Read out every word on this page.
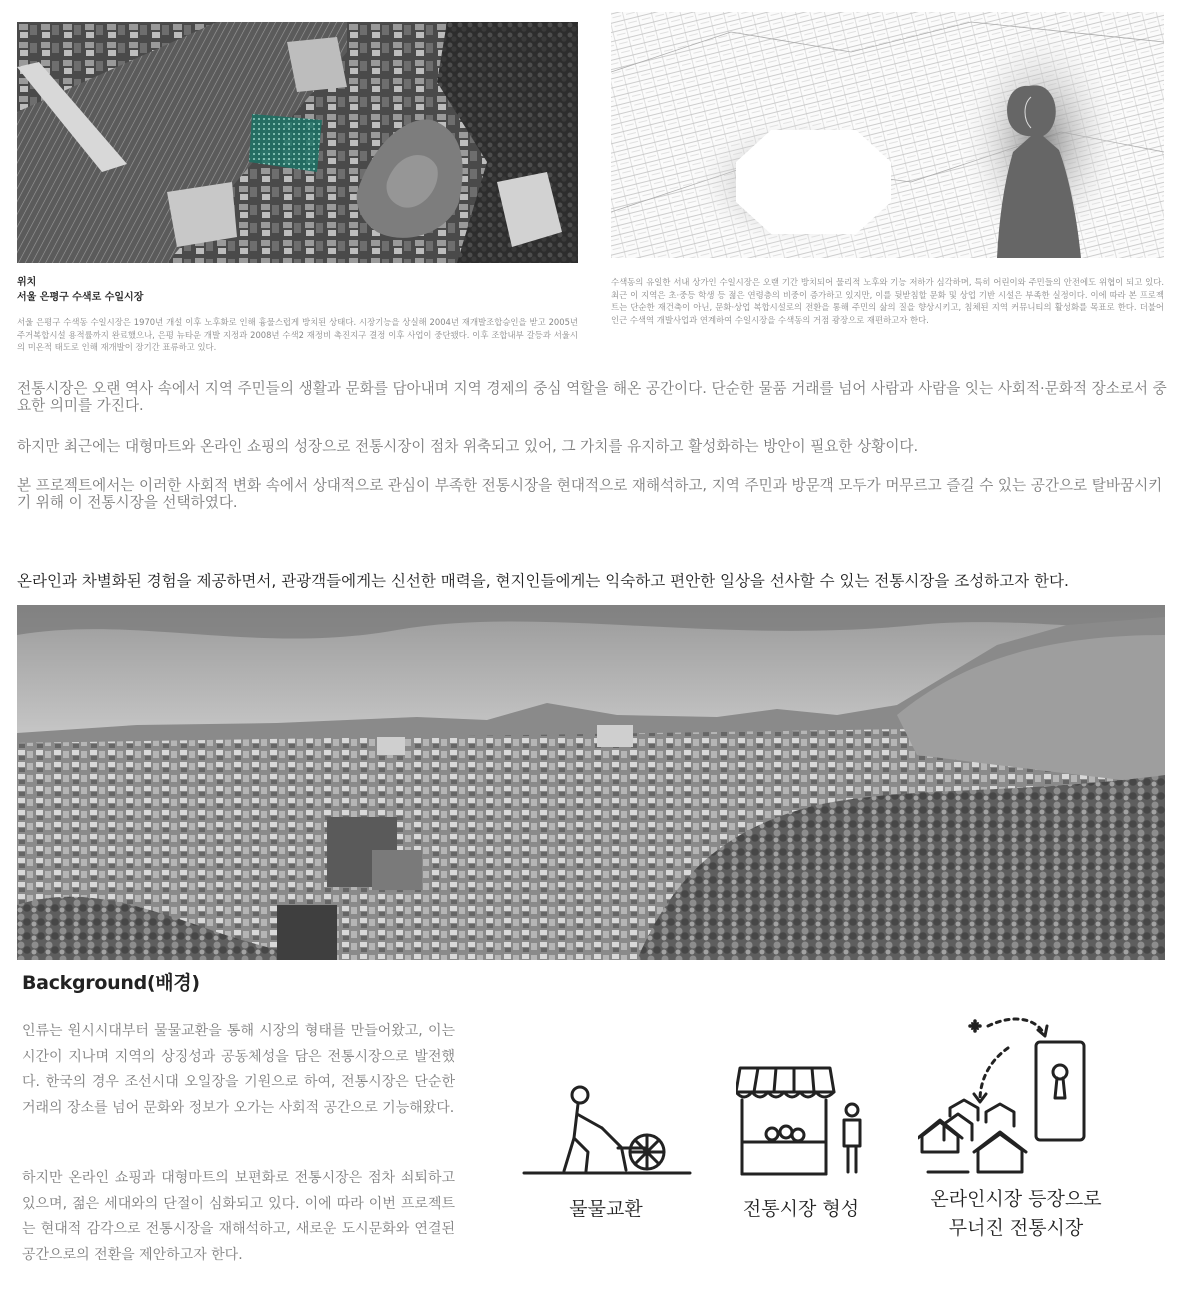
위치
서울 은평구 수색로 수일시장
서울 은평구 수색동 수일시장은 1970년 개설 이후 노후화로 인해 흉물스럽게 방치된 상태다. 시장기능을 상실해 2004년 재개발조합승인을 받고 2005년 주거복합시설 용적률까지 완료했으나, 은평 뉴타운 개발 지정과 2008년 수색2 재정비 촉진지구 결정 이후 사업이 중단됐다. 이후 조합내부 갈등과 서울시의 미온적 태도로 인해 재개발이 장기간 표류하고 있다.
수색동의 유일한 서내 상가인 수일시장은 오랜 기간 방치되어 물리적 노후와 기능 저하가 심각하며, 특히 어린이와 주민들의 안전에도 위협이 되고 있다. 최근 이 지역은 초·중등 학생 등 젊은 연령층의 비중이 증가하고 있지만, 이를 뒷받침할 문화 및 상업 기반 시설은 부족한 실정이다. 이에 따라 본 프로젝트는 단순한 재건축이 아닌, 문화·상업 복합시설로의 전환을 통해 주민의 삶의 질을 향상시키고, 침체된 지역 커뮤니티의 활성화를 목표로 한다. 더불어 인근 수색역 개발사업과 연계하여 수일시장을 수색동의 거점 광장으로 재편하고자 한다.
전통시장은 오랜 역사 속에서 지역 주민들의 생활과 문화를 담아내며 지역 경제의 중심 역할을 해온 공간이다. 단순한 물품 거래를 넘어 사람과 사람을 잇는 사회적·문화적 장소로서 중요한 의미를 가진다.
하지만 최근에는 대형마트와 온라인 쇼핑의 성장으로 전통시장이 점차 위축되고 있어, 그 가치를 유지하고 활성화하는 방안이 필요한 상황이다.
본 프로젝트에서는 이러한 사회적 변화 속에서 상대적으로 관심이 부족한 전통시장을 현대적으로 재해석하고, 지역 주민과 방문객 모두가 머무르고 즐길 수 있는 공간으로 탈바꿈시키기 위해 이 전통시장을 선택하였다.
온라인과 차별화된 경험을 제공하면서, 관광객들에게는 신선한 매력을, 현지인들에게는 익숙하고 편안한 일상을 선사할 수 있는 전통시장을 조성하고자 한다.
Background(배경)
인류는 원시시대부터 물물교환을 통해 시장의 형태를 만들어왔고, 이는 시간이 지나며 지역의 상징성과 공동체성을 담은 전통시장으로 발전했다. 한국의 경우 조선시대 오일장을 기원으로 하여, 전통시장은 단순한 거래의 장소를 넘어 문화와 정보가 오가는 사회적 공간으로 기능해왔다.
하지만 온라인 쇼핑과 대형마트의 보편화로 전통시장은 점차 쇠퇴하고 있으며, 젊은 세대와의 단절이 심화되고 있다. 이에 따라 이번 프로젝트는 현대적 감각으로 전통시장을 재해석하고, 새로운 도시문화와 연결된 공간으로의 전환을 제안하고자 한다.
물물교환	전통시장 형성	온라인시장 등장으로
무너진 전통시장
